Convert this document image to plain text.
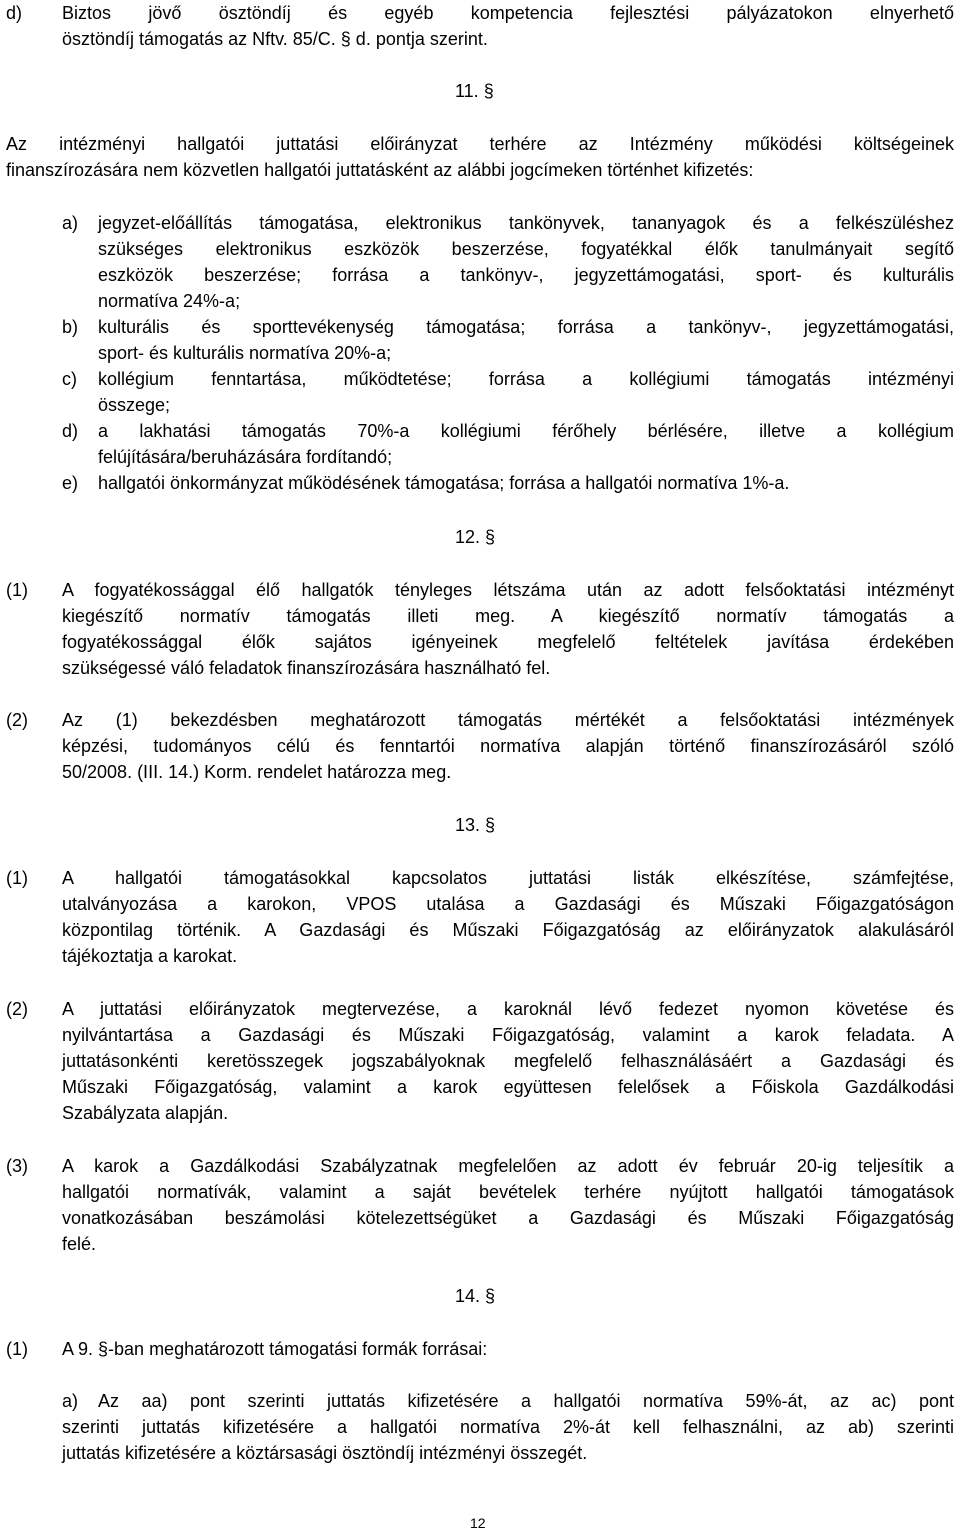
d) Biztos jövő ösztöndíj és egyéb kompetencia fejlesztési pályázatokon elnyerhető
ösztöndíj támogatás az Nftv. 85/C. § d. pontja szerint.
11. §
Az intézményi hallgatói juttatási előirányzat terhére az Intézmény működési költségeinek
finanszírozására nem közvetlen hallgatói juttatásként az alábbi jogcímeken történhet kifizetés:
a) jegyzet-előállítás támogatása, elektronikus tankönyvek, tananyagok és a felkészüléshez
szükséges elektronikus eszközök beszerzése, fogyatékkal élők tanulmányait segítő
eszközök beszerzése; forrása a tankönyv-, jegyzettámogatási, sport- és kulturális
normatíva 24%-a;
b) kulturális és sporttevékenység támogatása; forrása a tankönyv-, jegyzettámogatási,
sport- és kulturális normatíva 20%-a;
c) kollégium fenntartása, működtetése; forrása a kollégiumi támogatás intézményi
összege;
d) a lakhatási támogatás 70%-a kollégiumi férőhely bérlésére, illetve a kollégium
felújítására/beruházására fordítandó;
e) hallgatói önkormányzat működésének támogatása; forrása a hallgatói normatíva 1%-a.
12. §
(1) A fogyatékossággal élő hallgatók tényleges létszáma után az adott felsőoktatási intézményt
kiegészítő normatív támogatás illeti meg. A kiegészítő normatív támogatás a
fogyatékossággal élők sajátos igényeinek megfelelő feltételek javítása érdekében
szükségessé váló feladatok finanszírozására használható fel.
(2) Az (1) bekezdésben meghatározott támogatás mértékét a felsőoktatási intézmények
képzési, tudományos célú és fenntartói normatíva alapján történő finanszírozásáról szóló
50/2008. (III. 14.) Korm. rendelet határozza meg.
13. §
(1) A hallgatói támogatásokkal kapcsolatos juttatási listák elkészítése, számfejtése,
utalványozása a karokon, VPOS utalása a Gazdasági és Műszaki Főigazgatóságon
központilag történik. A Gazdasági és Műszaki Főigazgatóság az előirányzatok alakulásáról
tájékoztatja a karokat.
(2) A juttatási előirányzatok megtervezése, a karoknál lévő fedezet nyomon követése és
nyilvántartása a Gazdasági és Műszaki Főigazgatóság, valamint a karok feladata. A
juttatásonkénti keretösszegek jogszabályoknak megfelelő felhasználásáért a Gazdasági és
Műszaki Főigazgatóság, valamint a karok együttesen felelősek a Főiskola Gazdálkodási
Szabályzata alapján.
(3) A karok a Gazdálkodási Szabályzatnak megfelelően az adott év február 20-ig teljesítik a
hallgatói normatívák, valamint a saját bevételek terhére nyújtott hallgatói támogatások
vonatkozásában beszámolási kötelezettségüket a Gazdasági és Műszaki Főigazgatóság
felé.
14. §
(1) A 9. §-ban meghatározott támogatási formák forrásai:
a) Az aa) pont szerinti juttatás kifizetésére a hallgatói normatíva 59%-át, az ac) pont
szerinti juttatás kifizetésére a hallgatói normatíva 2%-át kell felhasználni, az ab) szerinti
juttatás kifizetésére a köztársasági ösztöndíj intézményi összegét.
12
